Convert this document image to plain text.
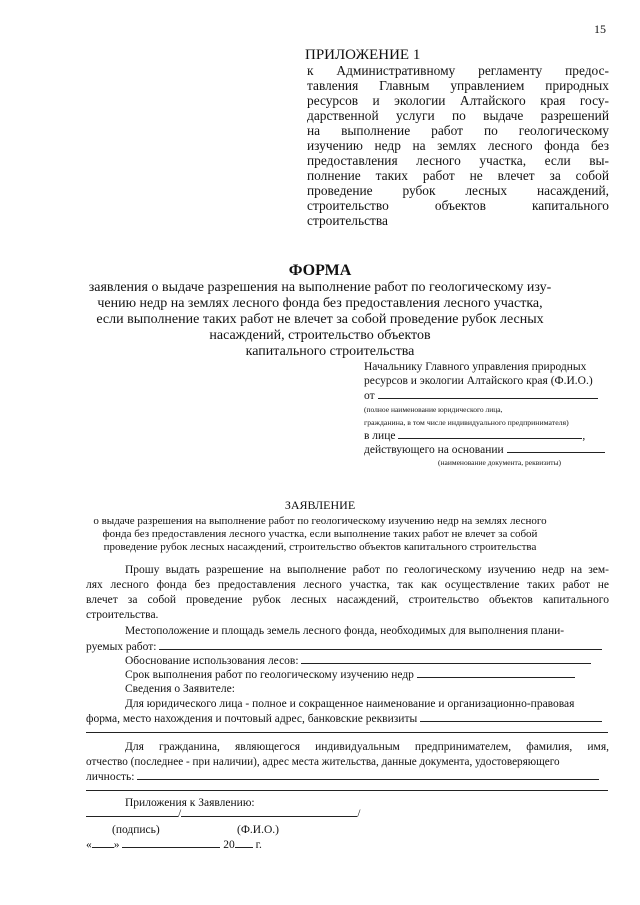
15
ПРИЛОЖЕНИЕ 1
к Административному регламенту предос-
тавления Главным управлением природных
ресурсов и экологии Алтайского края госу-
дарственной услуги по выдаче разрешений
на выполнение работ по геологическому
изучению недр на землях лесного фонда без
предоставления лесного участка, если вы-
полнение таких работ не влечет за собой
проведение рубок лесных насаждений,
строительство объектов капитального
строительства
ФОРМА
заявления о выдаче разрешения на выполнение работ по геологическому изу-
чению недр на землях лесного фонда без предоставления лесного участка,
если выполнение таких работ не влечет за собой проведение рубок лесных
насаждений, строительство объектов
капитального строительства
Начальнику Главного управления природных
ресурсов и экологии Алтайского края (Ф.И.О.)
от
(полное наименование юридического лица,
гражданина, в том числе индивидуального предпринимателя)
в лице	,
действующего на основании
(наименование документа, реквизиты)
ЗАЯВЛЕНИЕ
о выдаче разрешения на выполнение работ по геологическому изучению недр на землях лесного
фонда без предоставления лесного участка, если выполнение таких работ не влечет за собой
проведение рубок лесных насаждений, строительство объектов капитального строительства
Прошу выдать разрешение на выполнение работ по геологическому изучению недр на зем-
лях лесного фонда без предоставления лесного участка, так как осуществление таких работ не
влечет за собой проведение рубок лесных насаждений, строительство объектов капитального
строительства.
Местоположение и площадь земель лесного фонда, необходимых для выполнения плани-
руемых работ:
Обоснование использования лесов:
Срок выполнения работ по геологическому изучению недр
Сведения о Заявителе:
Для юридического лица - полное и сокращенное наименование и организационно-правовая
форма, место нахождения и почтовый адрес, банковские реквизиты
Для гражданина, являющегося индивидуальным предпринимателем, фамилия, имя,
отчество (последнее - при наличии), адрес места жительства, данные документа, удостоверяющего
личность:
Приложения к Заявлению:
/	/
(подпись)	(Ф.И.О.)
« »	20 г.
